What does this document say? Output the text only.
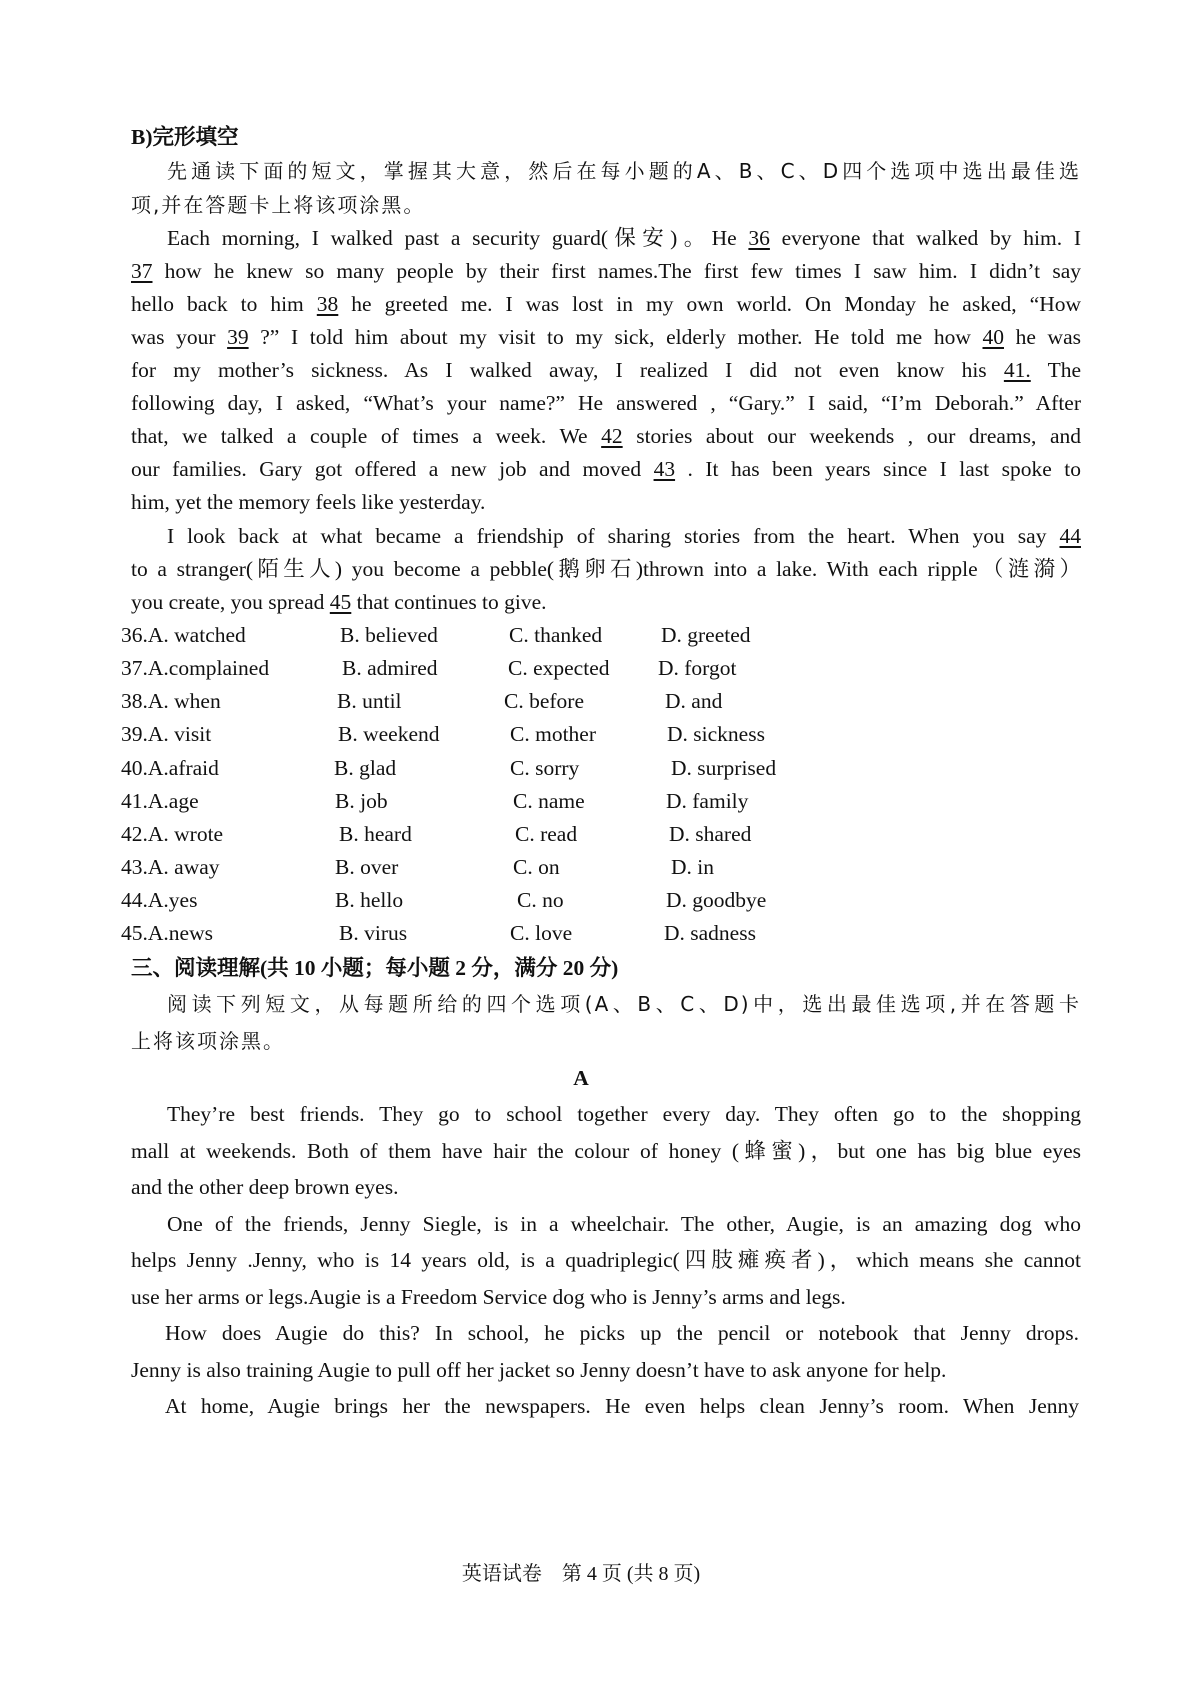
B)完形填空
先通读下面的短文，掌握其大意，然后在每小题的A、B、C、D四个选项中选出最佳选
项,并在答题卡上将该项涂黑。
Each morning, I walked past a security guard(保安)。He 36 everyone that walked by him. I
37 how he knew so many people by their first names.The first few times I saw him. I didn’t say
hello back to him 38 he greeted me. I was lost in my own world. On Monday he asked, “How
was your 39 ?” I told him about my visit to my sick, elderly mother. He told me how 40 he was
for my mother’s sickness. As I walked away, I realized I did not even know his 41. The
following day, I asked, “What’s your name?” He answered , “Gary.” I said, “I’m Deborah.” After
that, we talked a couple of times a week. We 42 stories about our weekends , our dreams, and
our families. Gary got offered a new job and moved 43 . It has been years since I last spoke to
him, yet the memory feels like yesterday.
I look back at what became a friendship of sharing stories from the heart. When you say 44
to a stranger(陌生人) you become a pebble(鹅卵石)thrown into a lake. With each ripple（涟漪）
you create, you spread 45 that continues to give.
36.A. watched	B. believed	C. thanked	D. greeted
37.A.complained	B. admired	C. expected D. forgot
38.A. when	B. until	C. before	D. and
39.A. visit	B. weekend	C. mother	D. sickness
40.A.afraid	B. glad	C. sorry	D. surprised
41.A.age	B. job	C. name	D. family
42.A. wrote	B. heard	C. read	D. shared
43.A. away	B. over	C. on	D. in
44.A.yes	B. hello	C. no	D. goodbye
45.A.news	B. virus	C. love	D. sadness
三、阅读理解(共 10 小题；每小题 2 分，满分 20 分)
阅读下列短文，从每题所给的四个选项(A、B、C、D)中，选出最佳选项,并在答题卡
上将该项涂黑。
A
They’re best friends. They go to school together every day. They often go to the shopping
mall at weekends. Both of them have hair the colour of honey (蜂蜜)，but one has big blue eyes
and the other deep brown eyes.
One of the friends, Jenny Siegle, is in a wheelchair. The other, Augie, is an amazing dog who
helps Jenny .Jenny, who is 14 years old, is a quadriplegic(四肢瘫痪者)，which means she cannot
use her arms or legs.Augie is a Freedom Service dog who is Jenny’s arms and legs.
How does Augie do this? In school, he picks up the pencil or notebook that Jenny drops.
Jenny is also training Augie to pull off her jacket so Jenny doesn’t have to ask anyone for help.
At home, Augie brings her the newspapers. He even helps clean Jenny’s room. When Jenny
英语试卷　第 4 页 (共 8 页)
